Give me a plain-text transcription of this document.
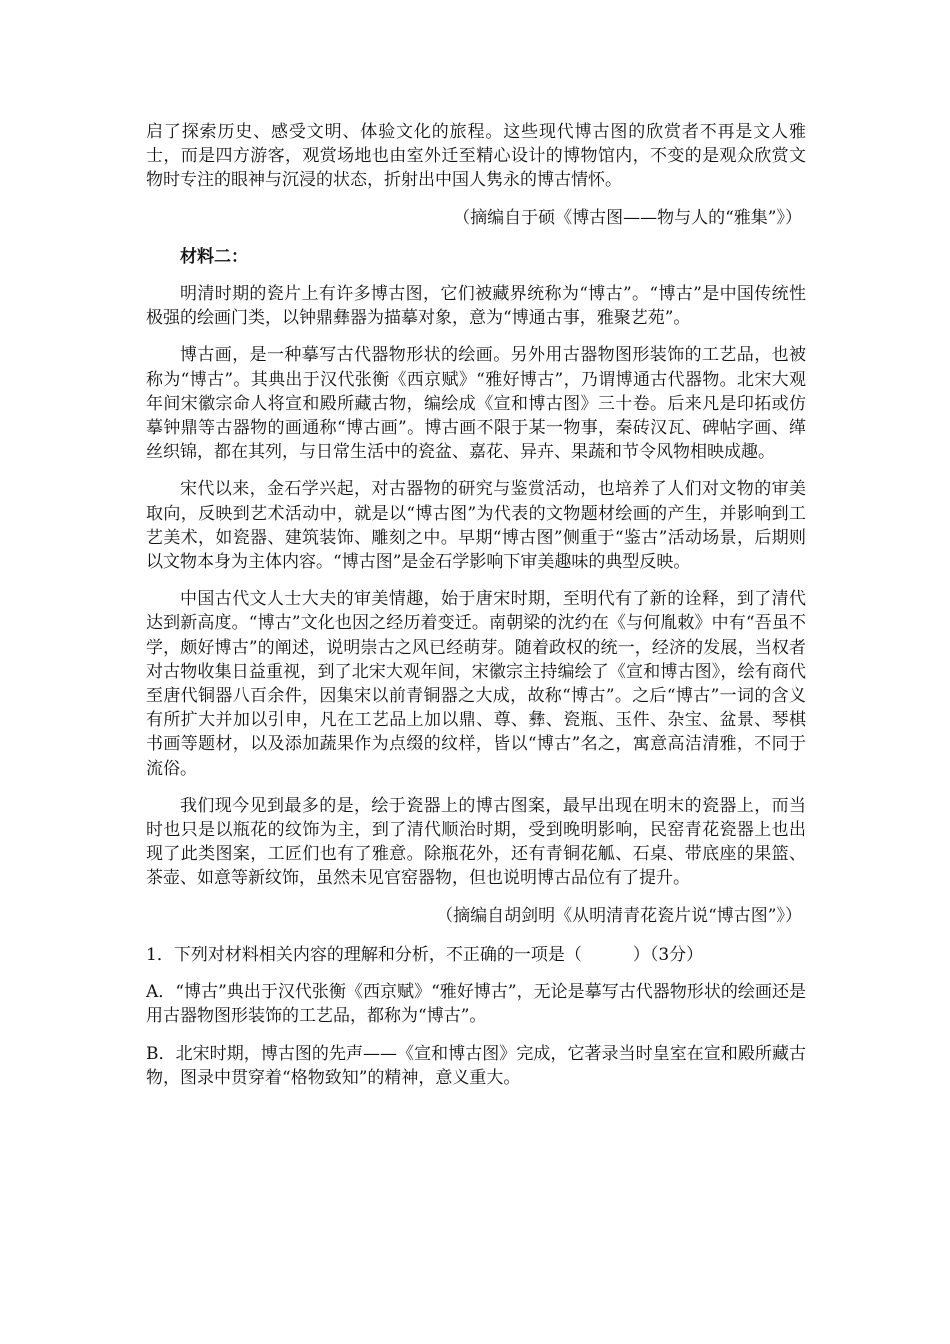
启了探索历史、感受文明、体验文化的旅程。这些现代博古图的欣赏者不再是文人雅士，而是四方游客，观赏场地也由室外迁至精心设计的博物馆内，不变的是观众欣赏文物时专注的眼神与沉浸的状态，折射出中国人隽永的博古情怀。

（摘编自于硕《博古图——物与人的“雅集”》）

材料二：

明清时期的瓷片上有许多博古图，它们被藏界统称为“博古”。“博古”是中国传统性极强的绘画门类，以钟鼎彝器为描摹对象，意为“博通古事，雅聚艺苑”。

博古画，是一种摹写古代器物形状的绘画。另外用古器物图形装饰的工艺品，也被称为“博古”。其典出于汉代张衡《西京赋》“雅好博古”，乃谓博通古代器物。北宋大观年间宋徽宗命人将宣和殿所藏古物，编绘成《宣和博古图》三十卷。后来凡是印拓或仿摹钟鼎等古器物的画通称“博古画”。博古画不限于某一物事，秦砖汉瓦、碑帖字画、缂丝织锦，都在其列，与日常生活中的瓷盆、嘉花、异卉、果蔬和节令风物相映成趣。

宋代以来，金石学兴起，对古器物的研究与鉴赏活动，也培养了人们对文物的审美取向，反映到艺术活动中，就是以“博古图”为代表的文物题材绘画的产生，并影响到工艺美术，如瓷器、建筑装饰、雕刻之中。早期“博古图”侧重于“鉴古”活动场景，后期则以文物本身为主体内容。“博古图”是金石学影响下审美趣味的典型反映。

中国古代文人士大夫的审美情趣，始于唐宋时期，至明代有了新的诠释，到了清代达到新高度。“博古”文化也因之经历着变迁。南朝梁的沈约在《与何胤敕》中有“吾虽不学，颇好博古”的阐述，说明崇古之风已经萌芽。随着政权的统一，经济的发展，当权者对古物收集日益重视，到了北宋大观年间，宋徽宗主持编绘了《宣和博古图》，绘有商代至唐代铜器八百余件，因集宋以前青铜器之大成，故称“博古”。之后“博古”一词的含义有所扩大并加以引申，凡在工艺品上加以鼎、尊、彝、瓷瓶、玉件、杂宝、盆景、琴棋书画等题材，以及添加蔬果作为点缀的纹样，皆以“博古”名之，寓意高洁清雅，不同于流俗。

我们现今见到最多的是，绘于瓷器上的博古图案，最早出现在明末的瓷器上，而当时也只是以瓶花的纹饰为主，到了清代顺治时期，受到晚明影响，民窑青花瓷器上也出现了此类图案，工匠们也有了雅意。除瓶花外，还有青铜花觚、石桌、带底座的果篮、茶壶、如意等新纹饰，虽然未见官窑器物，但也说明博古品位有了提升。

（摘编自胡剑明《从明清青花瓷片说“博古图”》）

1．下列对材料相关内容的理解和分析，不正确的一项是（　　　）（3分）

A．“博古”典出于汉代张衡《西京赋》“雅好博古”，无论是摹写古代器物形状的绘画还是用古器物图形装饰的工艺品，都称为“博古”。

B．北宋时期，博古图的先声——《宣和博古图》完成，它著录当时皇室在宣和殿所藏古物，图录中贯穿着“格物致知”的精神，意义重大。
